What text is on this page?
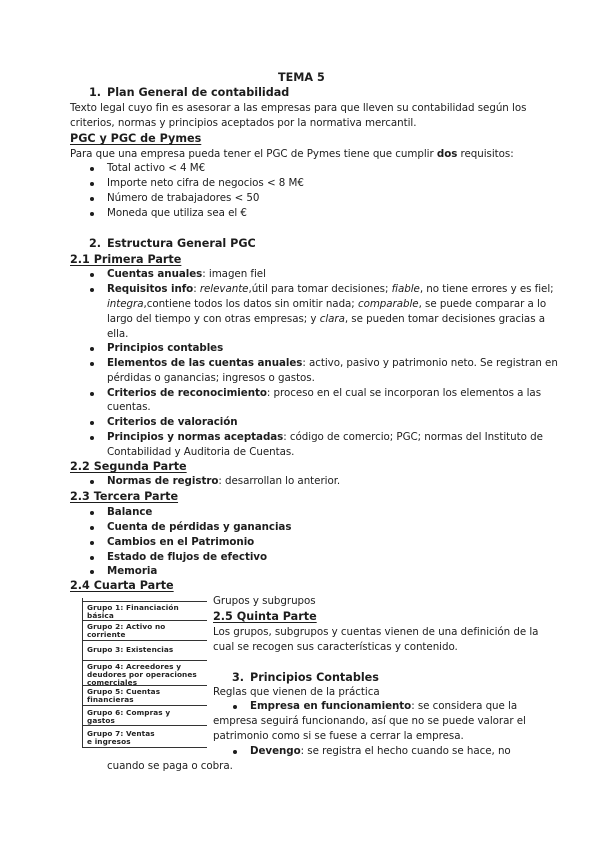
TEMA 5
1. Plan General de contabilidad
Texto legal cuyo fin es asesorar a las empresas para que lleven su contabilidad según los
criterios, normas y principios aceptados por la normativa mercantil.
PGC y PGC de Pymes
Para que una empresa pueda tener el PGC de Pymes tiene que cumplir dos requisitos:
Total activo < 4 M€
Importe neto cifra de negocios < 8 M€
Número de trabajadores < 50
Moneda que utiliza sea el €
2. Estructura General PGC
2.1 Primera Parte
Cuentas anuales: imagen fiel
Requisitos info: relevante,útil para tomar decisiones; fiable, no tiene errores y es fiel;
integra,contiene todos los datos sin omitir nada; comparable, se puede comparar a lo
largo del tiempo y con otras empresas; y clara, se pueden tomar decisiones gracias a
ella.
Principios contables
Elementos de las cuentas anuales: activo, pasivo y patrimonio neto. Se registran en
pérdidas o ganancias; ingresos o gastos.
Criterios de reconocimiento: proceso en el cual se incorporan los elementos a las
cuentas.
Criterios de valoración
Principios y normas aceptadas: código de comercio; PGC; normas del Instituto de
Contabilidad y Auditoria de Cuentas.
2.2 Segunda Parte
Normas de registro: desarrollan lo anterior.
2.3 Tercera Parte
Balance
Cuenta de pérdidas y ganancias
Cambios en el Patrimonio
Estado de flujos de efectivo
Memoria
2.4 Cuarta Parte
Grupo 1: Financiación
básica
Grupo 2: Activo no
corriente
Grupo 3: Existencias
Grupo 4: Acreedores y
deudores por operaciones
comerciales
Grupo 5: Cuentas
financieras
Grupo 6: Compras y
gastos
Grupo 7: Ventas
e ingresos
Grupos y subgrupos
2.5 Quinta Parte
Los grupos, subgrupos y cuentas vienen de una definición de la
cual se recogen sus características y contenido.
3. Principios Contables
Reglas que vienen de la práctica
Empresa en funcionamiento: se considera que la
empresa seguirá funcionando, así que no se puede valorar el
patrimonio como si se fuese a cerrar la empresa.
Devengo: se registra el hecho cuando se hace, no
cuando se paga o cobra.
